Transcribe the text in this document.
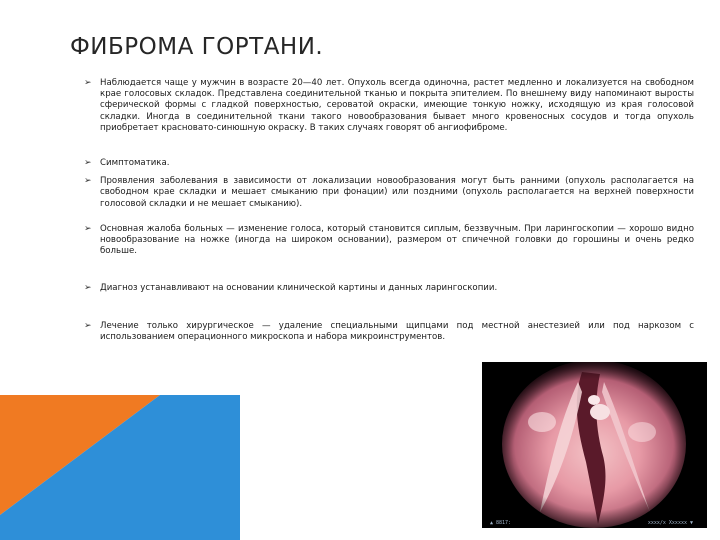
ФИБРОМА ГОРТАНИ.
➢ Наблюдается чаще у мужчин в возрасте 20—40 лет. Опухоль всегда одиночна, растет медленно и локализуется на свободном крае голосовых складок. Представлена соединительной тканью и покрыта эпителием. По внешнему виду напоминают выросты сферической формы с гладкой поверхностью, сероватой окраски, имеющие тонкую ножку, исходящую из края голосовой складки. Иногда в соединительной ткани такого новообразования бывает много кровеносных сосудов и тогда опухоль приобретает красновато-синюшную окраску. В таких случаях говорят об ангиофиброме.
➢ Симптоматика.
➢ Проявления заболевания в зависимости от локализации новообразования могут быть ранними (опухоль располагается на свободном крае складки и мешает смыканию при фонации) или поздними (опухоль располагается на верхней поверхности голосовой складки и не мешает смыканию).
➢ Основная жалоба больных — изменение голоса, который становится сиплым, беззвучным. При ларингоскопии — хорошо видно новообразование на ножке (иногда на широком основании), размером от спичечной головки до горошины и очень редко больше.
➢ Диагноз устанавливают на основании клинической картины и данных ларингоскопии.
➢ Лечение только хирургическое — удаление специальными щипцами под местной анестезией или под наркозом с использованием операционного микроскопа и набора микроинструментов.
▲ 8817:	xxxx/x Xxxxxx ▼
